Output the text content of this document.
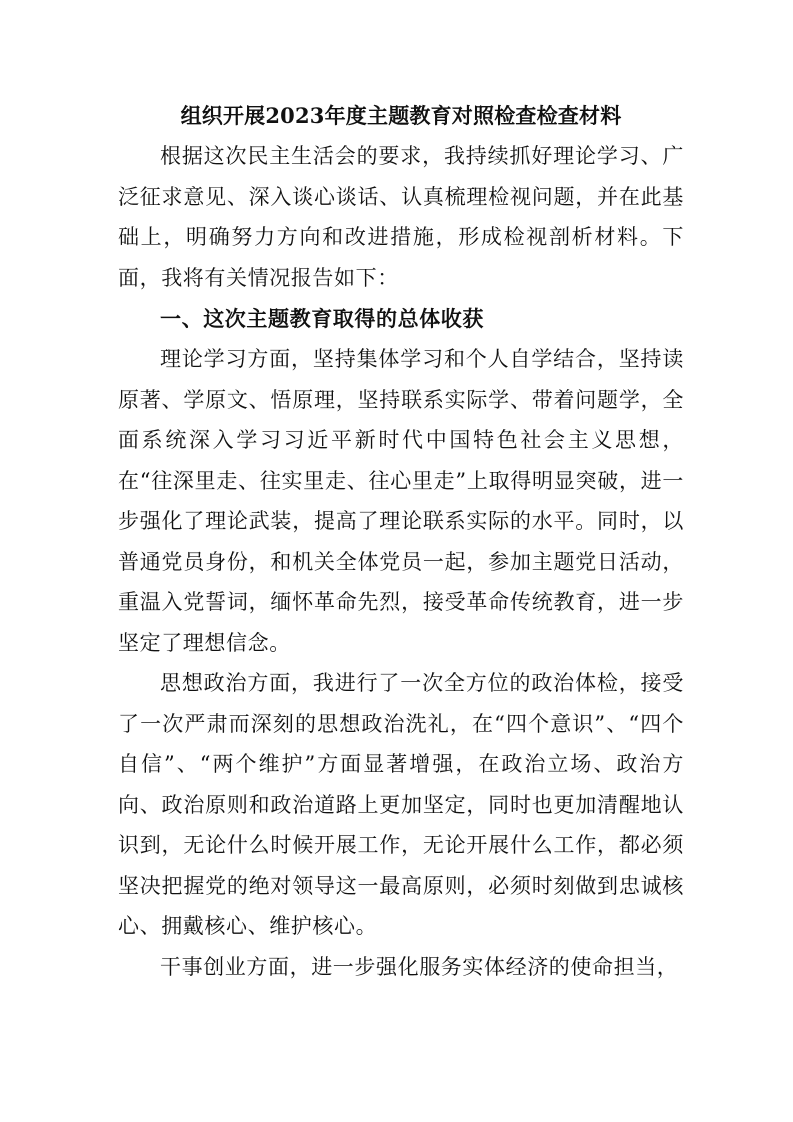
组织开展2023年度主题教育对照检查检查材料

根据这次民主生活会的要求，我持续抓好理论学习、广泛征求意见、深入谈心谈话、认真梳理检视问题，并在此基础上，明确努力方向和改进措施，形成检视剖析材料。下面，我将有关情况报告如下：

一、这次主题教育取得的总体收获

理论学习方面，坚持集体学习和个人自学结合，坚持读原著、学原文、悟原理，坚持联系实际学、带着问题学，全面系统深入学习习近平新时代中国特色社会主义思想，在“往深里走、往实里走、往心里走”上取得明显突破，进一步强化了理论武装，提高了理论联系实际的水平。同时，以普通党员身份，和机关全体党员一起，参加主题党日活动，重温入党誓词，缅怀革命先烈，接受革命传统教育，进一步坚定了理想信念。

思想政治方面，我进行了一次全方位的政治体检，接受了一次严肃而深刻的思想政治洗礼，在“四个意识”、“四个自信”、“两个维护”方面显著增强，在政治立场、政治方向、政治原则和政治道路上更加坚定，同时也更加清醒地认识到，无论什么时候开展工作，无论开展什么工作，都必须坚决把握党的绝对领导这一最高原则，必须时刻做到忠诚核心、拥戴核心、维护核心。

干事创业方面，进一步强化服务实体经济的使命担当，
